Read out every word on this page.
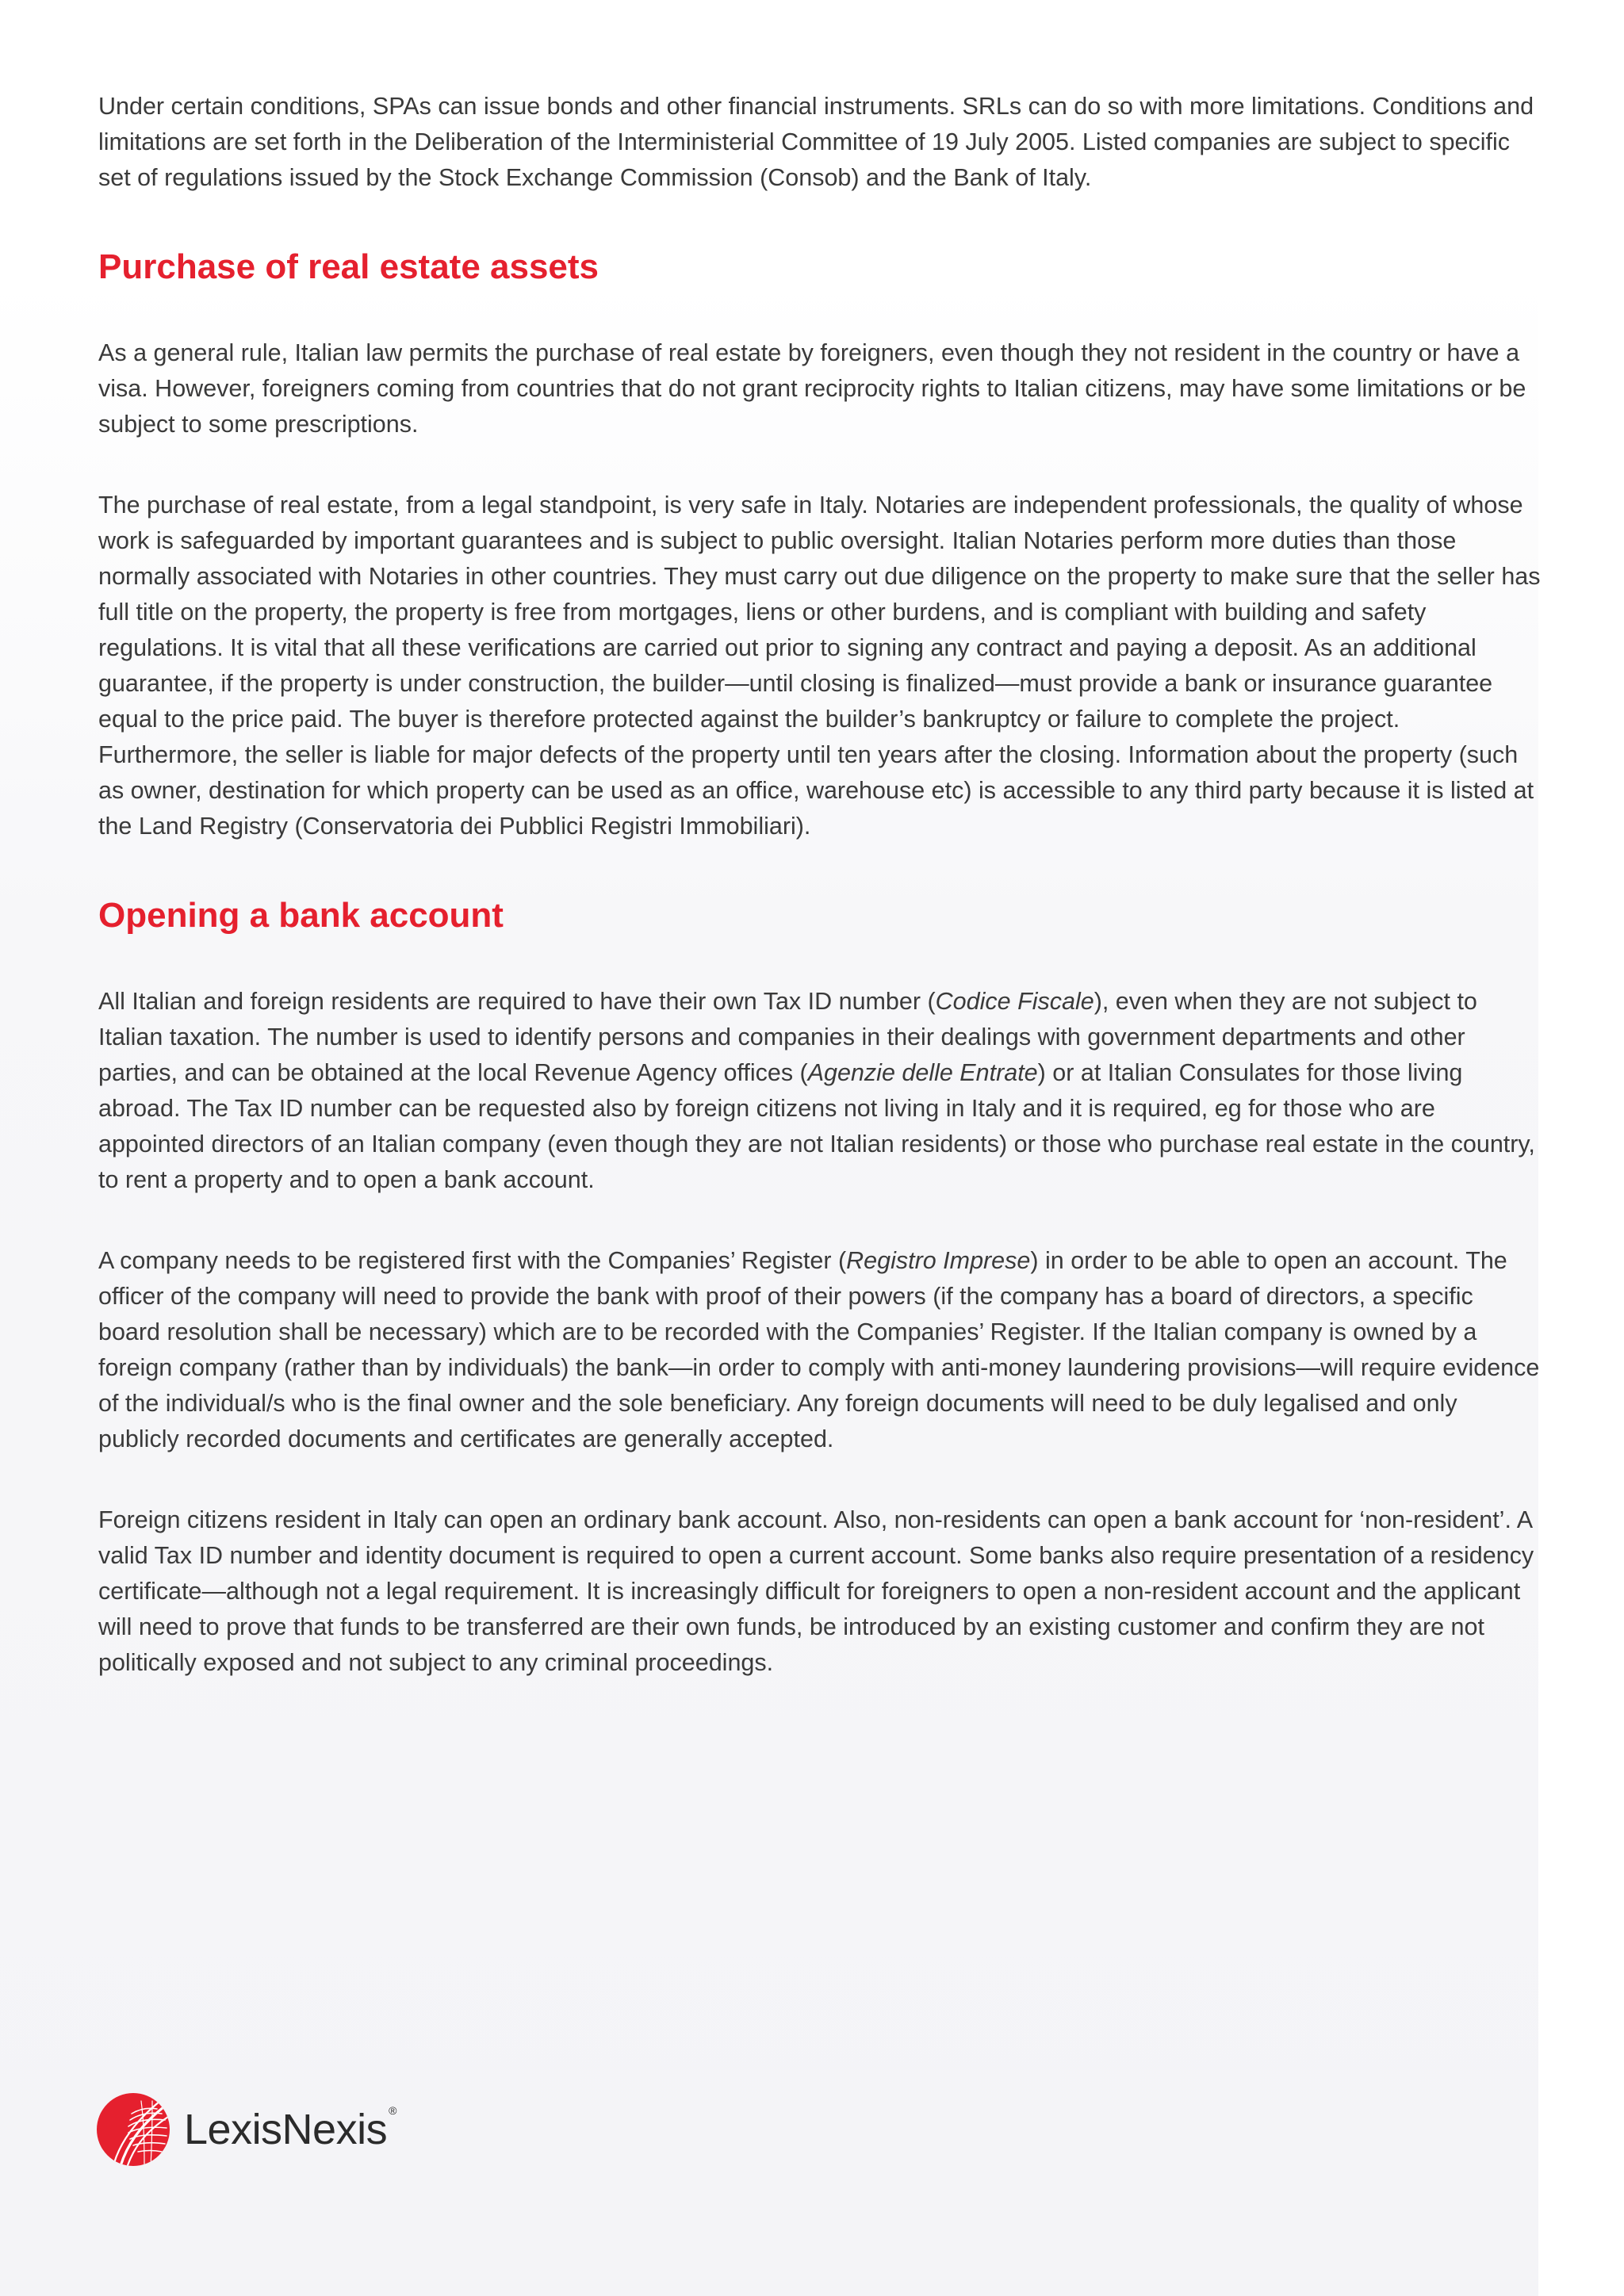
Under certain conditions, SPAs can issue bonds and other financial instruments. SRLs can do so with more limitations. Conditions and limitations are set forth in the Deliberation of the Interministerial Committee of 19 July 2005. Listed companies are subject to specific set of regulations issued by the Stock Exchange Commission (Consob) and the Bank of Italy.

Purchase of real estate assets

As a general rule, Italian law permits the purchase of real estate by foreigners, even though they not resident in the country or have a visa. However, foreigners coming from countries that do not grant reciprocity rights to Italian citizens, may have some limitations or be subject to some prescriptions.

The purchase of real estate, from a legal standpoint, is very safe in Italy. Notaries are independent professionals, the quality of whose work is safeguarded by important guarantees and is subject to public oversight. Italian Notaries perform more duties than those normally associated with Notaries in other countries. They must carry out due diligence on the property to make sure that the seller has full title on the property, the property is free from mortgages, liens or other burdens, and is compliant with building and safety regulations. It is vital that all these verifications are carried out prior to signing any contract and paying a deposit. As an additional guarantee, if the property is under construction, the builder—until closing is finalized—must provide a bank or insurance guarantee equal to the price paid. The buyer is therefore protected against the builder’s bankruptcy or failure to complete the project. Furthermore, the seller is liable for major defects of the property until ten years after the closing. Information about the property (such as owner, destination for which property can be used as an office, warehouse etc) is accessible to any third party because it is listed at the Land Registry (Conservatoria dei Pubblici Registri Immobiliari).

Opening a bank account

All Italian and foreign residents are required to have their own Tax ID number (Codice Fiscale), even when they are not subject to Italian taxation. The number is used to identify persons and companies in their dealings with government departments and other parties, and can be obtained at the local Revenue Agency offices (Agenzie delle Entrate) or at Italian Consulates for those living abroad. The Tax ID number can be requested also by foreign citizens not living in Italy and it is required, eg for those who are appointed directors of an Italian company (even though they are not Italian residents) or those who purchase real estate in the country, to rent a property and to open a bank account.

A company needs to be registered first with the Companies’ Register (Registro Imprese) in order to be able to open an account. The officer of the company will need to provide the bank with proof of their powers (if the company has a board of directors, a specific board resolution shall be necessary) which are to be recorded with the Companies’ Register. If the Italian company is owned by a foreign company (rather than by individuals) the bank—in order to comply with anti-money laundering provisions—will require evidence of the individual/s who is the final owner and the sole beneficiary. Any foreign documents will need to be duly legalised and only publicly recorded documents and certificates are generally accepted.

Foreign citizens resident in Italy can open an ordinary bank account. Also, non-residents can open a bank account for ‘non-resident’. A valid Tax ID number and identity document is required to open a current account. Some banks also require presentation of a residency certificate—although not a legal requirement. It is increasingly difficult for foreigners to open a non-resident account and the applicant will need to prove that funds to be transferred are their own funds, be introduced by an existing customer and confirm they are not politically exposed and not subject to any criminal proceedings.

LexisNexis ®
